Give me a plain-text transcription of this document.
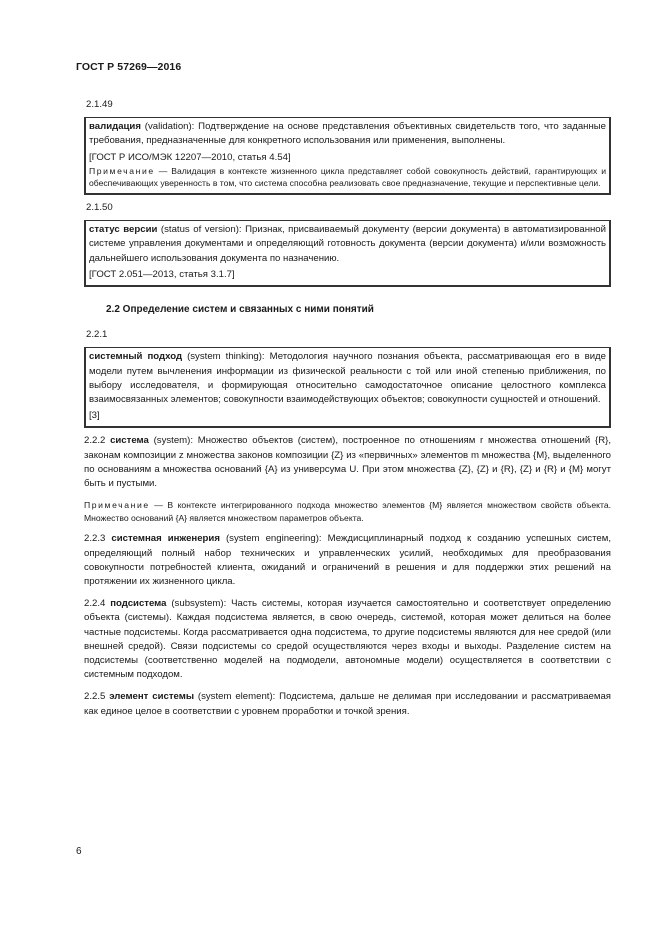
ГОСТ Р 57269—2016
2.1.49

валидация (validation): Подтверждение на основе представления объективных свидетельств того, что заданные требования, предназначенные для конкретного использования или применения, выполнены.

[ГОСТ Р ИСО/МЭК 12207—2010, статья 4.54]

Примечание — Валидация в контексте жизненного цикла представляет собой совокупность действий, гарантирующих и обеспечивающих уверенность в том, что система способна реализовать свое предназначение, текущие и перспективные цели.

2.1.50

статус версии (status of version): Признак, присваиваемый документу (версии документа) в автоматизированной системе управления документами и определяющий готовность документа (версии документа) и/или возможность дальнейшего использования документа по назначению.

[ГОСТ 2.051—2013, статья 3.1.7]

2.2 Определение систем и связанных с ними понятий
2.2.1

системный подход (system thinking): Методология научного познания объекта, рассматривающая его в виде модели путем вычленения информации из физической реальности с той или иной степенью приближения, по выбору исследователя, и формирующая относительно самодостаточное описание целостного комплекса взаимосвязанных элементов; совокупности взаимодействующих объектов; совокупности сущностей и отношений.

[3]

2.2.2 система (system): Множество объектов (систем), построенное по отношениям r множества отношений {R}, законам композиции z множества законов композиции {Z} из «первичных» элементов m множества {M}, выделенного по основаниям a множества оснований {A} из универсума U. При этом множества {Z}, {Z} и {R}, {Z} и {R} и {M} могут быть и пустыми.

Примечание — В контексте интегрированного подхода множество элементов {M} является множеством свойств объекта. Множество оснований {A} является множеством параметров объекта.

2.2.3 системная инженерия (system engineering): Междисциплинарный подход к созданию успешных систем, определяющий полный набор технических и управленческих усилий, необходимых для преобразования совокупности потребностей клиента, ожиданий и ограничений в решения и для поддержки этих решений на протяжении их жизненного цикла.

2.2.4 подсистема (subsystem): Часть системы, которая изучается самостоятельно и соответствует определению объекта (системы). Каждая подсистема является, в свою очередь, системой, которая может делиться на более частные подсистемы. Когда рассматривается одна подсистема, то другие подсистемы являются для нее средой (или внешней средой). Связи подсистемы со средой осуществляются через входы и выходы. Разделение систем на подсистемы (соответственно моделей на подмодели, автономные модели) осуществляется в соответствии с системным подходом.

2.2.5 элемент системы (system element): Подсистема, дальше не делимая при исследовании и рассматриваемая как единое целое в соответствии с уровнем проработки и точкой зрения.

6
